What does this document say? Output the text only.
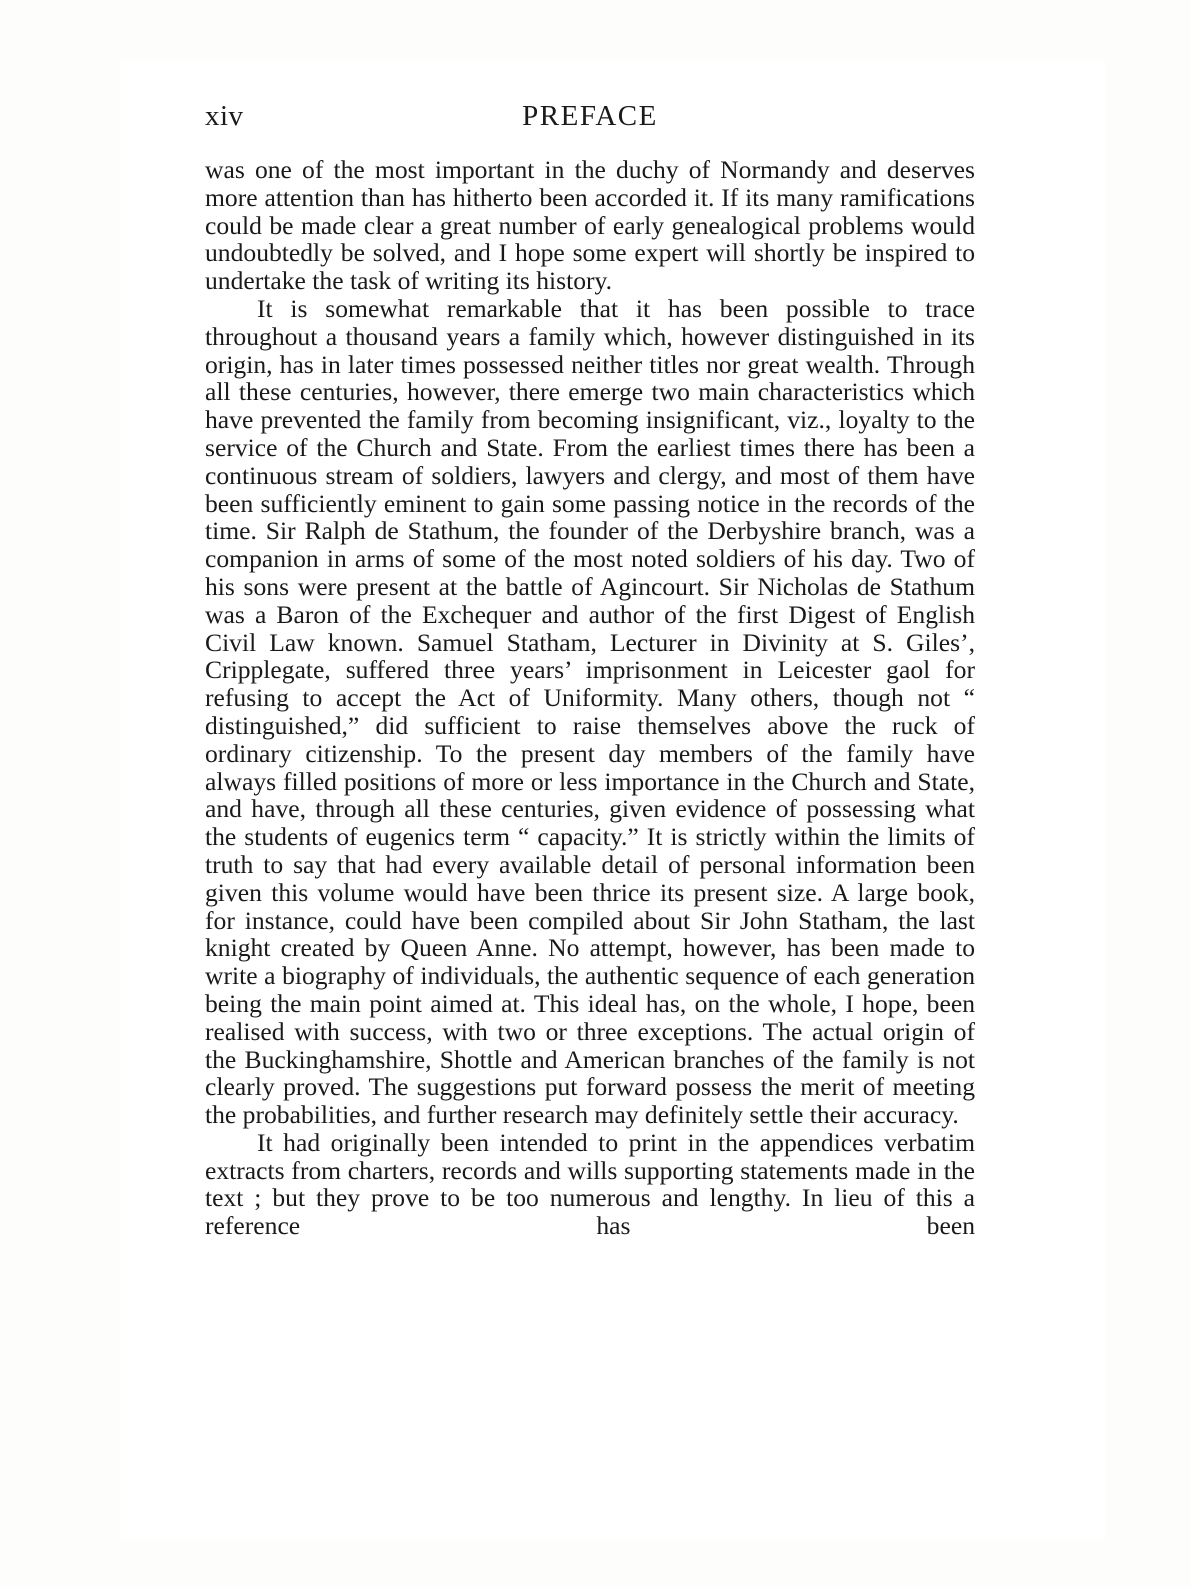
xiv	PREFACE

was one of the most important in the duchy of Normandy and deserves more attention than has hitherto been accorded it. If its many ramifications could be made clear a great number of early genealogical problems would undoubtedly be solved, and I hope some expert will shortly be inspired to undertake the task of writing its history.

It is somewhat remarkable that it has been possible to trace throughout a thousand years a family which, however distinguished in its origin, has in later times possessed neither titles nor great wealth. Through all these centuries, however, there emerge two main characteristics which have prevented the family from becoming insignificant, viz., loyalty to the service of the Church and State. From the earliest times there has been a continuous stream of soldiers, lawyers and clergy, and most of them have been sufficiently eminent to gain some passing notice in the records of the time. Sir Ralph de Stathum, the founder of the Derbyshire branch, was a companion in arms of some of the most noted soldiers of his day. Two of his sons were present at the battle of Agincourt. Sir Nicholas de Stathum was a Baron of the Exchequer and author of the first Digest of English Civil Law known. Samuel Statham, Lecturer in Divinity at S. Giles’, Cripplegate, suffered three years’ imprisonment in Leicester gaol for refusing to accept the Act of Uniformity. Many others, though not “ distinguished,” did sufficient to raise themselves above the ruck of ordinary citizenship. To the present day members of the family have always filled positions of more or less importance in the Church and State, and have, through all these centuries, given evidence of possessing what the students of eugenics term “ capacity.” It is strictly within the limits of truth to say that had every available detail of personal information been given this volume would have been thrice its present size. A large book, for instance, could have been compiled about Sir John Statham, the last knight created by Queen Anne. No attempt, however, has been made to write a biography of individuals, the authentic sequence of each generation being the main point aimed at. This ideal has, on the whole, I hope, been realised with success, with two or three exceptions. The actual origin of the Buckinghamshire, Shottle and American branches of the family is not clearly proved. The suggestions put forward possess the merit of meeting the probabilities, and further research may definitely settle their accuracy.

It had originally been intended to print in the appendices verbatim extracts from charters, records and wills supporting statements made in the text ; but they prove to be too numerous and lengthy. In lieu of this a reference has been
